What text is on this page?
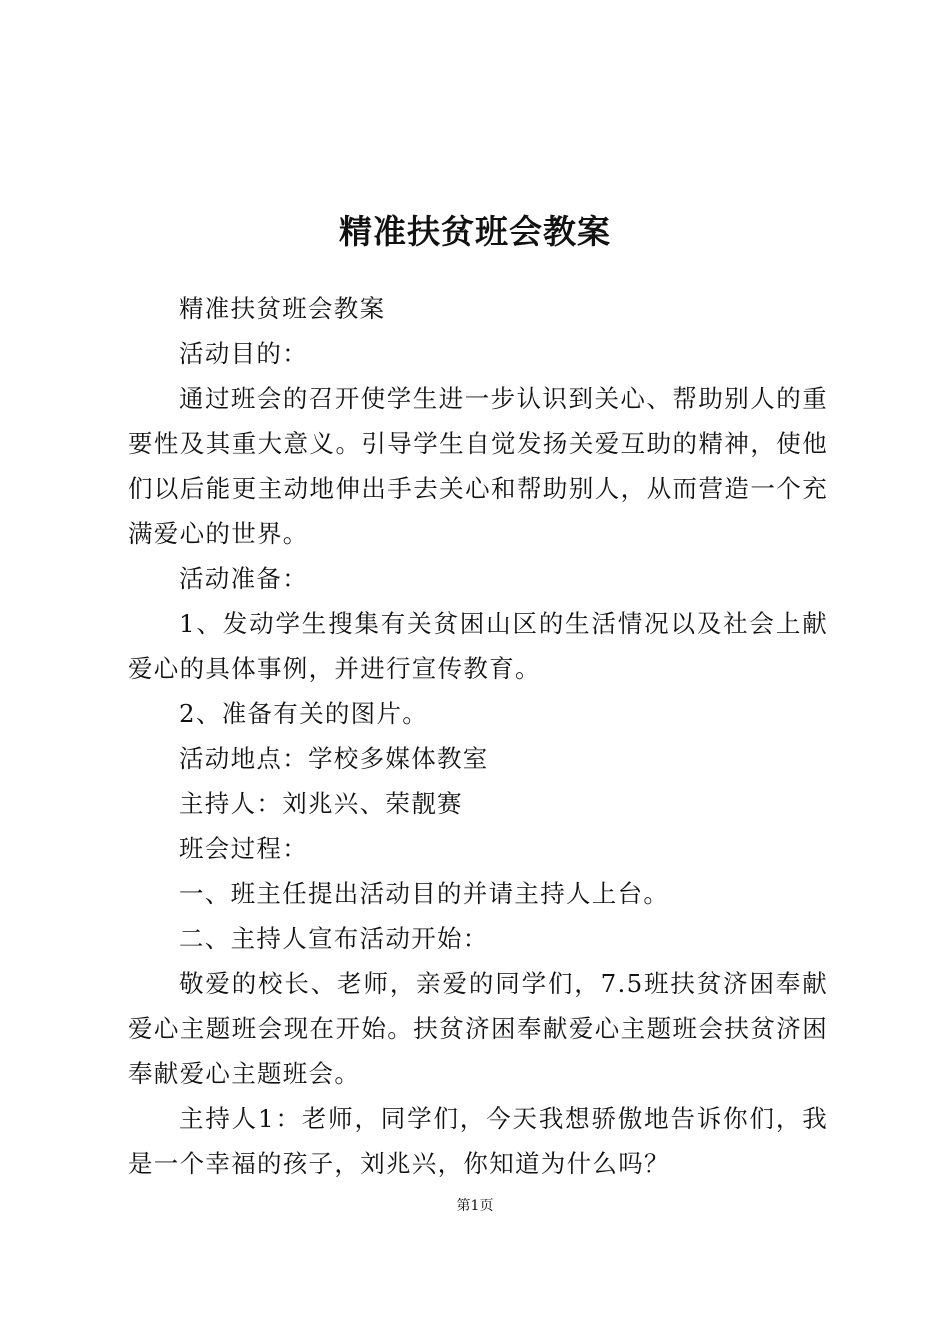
精准扶贫班会教案

精准扶贫班会教案

活动目的：

通过班会的召开使学生进一步认识到关心、帮助别人的重要性及其重大意义。引导学生自觉发扬关爱互助的精神，使他们以后能更主动地伸出手去关心和帮助别人，从而营造一个充满爱心的世界。

活动准备：

1、发动学生搜集有关贫困山区的生活情况以及社会上献爱心的具体事例，并进行宣传教育。

2、准备有关的图片。

活动地点：学校多媒体教室

主持人：刘兆兴、荣靓赛

班会过程：

一、班主任提出活动目的并请主持人上台。

二、主持人宣布活动开始：

敬爱的校长、老师，亲爱的同学们，7.5班扶贫济困奉献爱心主题班会现在开始。扶贫济困奉献爱心主题班会扶贫济困奉献爱心主题班会。

主持人1：老师，同学们，今天我想骄傲地告诉你们，我是一个幸福的孩子，刘兆兴，你知道为什么吗？

第1页
